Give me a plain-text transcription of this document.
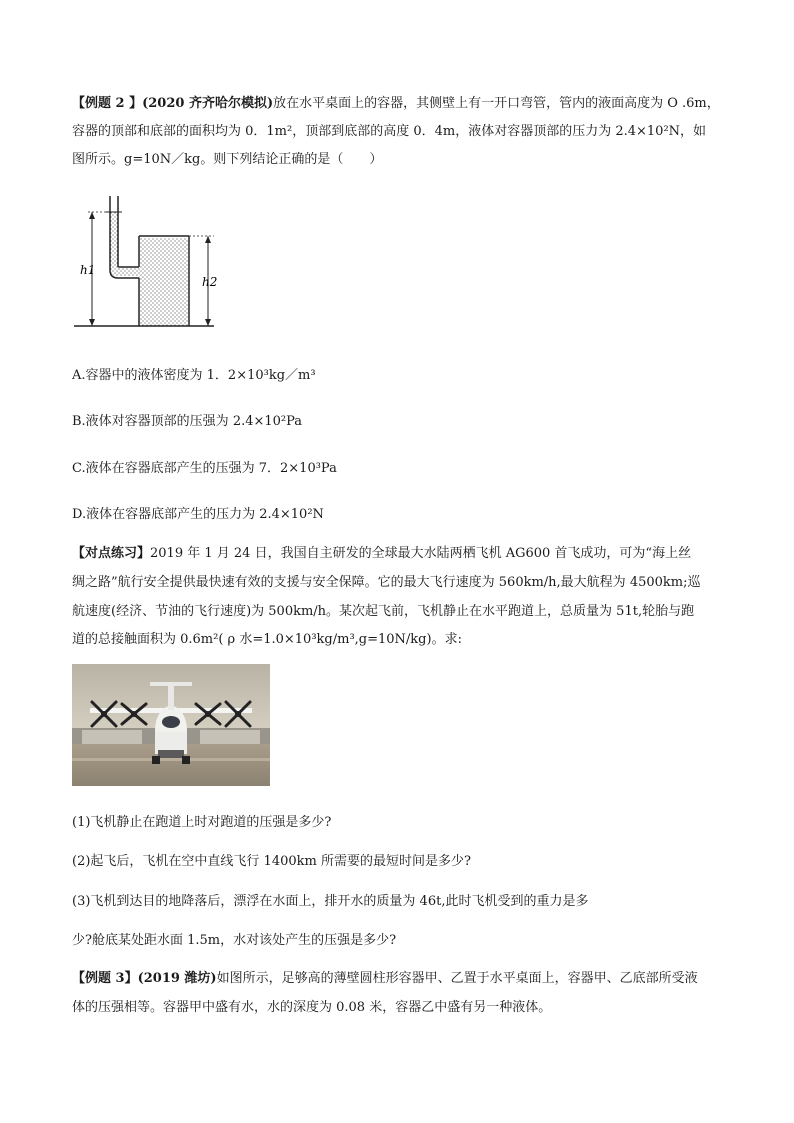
【例题 2 】(2020 齐齐哈尔模拟)放在水平桌面上的容器，其侧壁上有一开口弯管，管内的液面高度为 O .6m，
容器的顶部和底部的面积均为 0．1m²，顶部到底部的高度 0．4m，液体对容器顶部的压力为 2.4×10²N，如
图所示。g=10N／kg。则下列结论正确的是（　　）
h1
h2
A.容器中的液体密度为 1．2×10³kg／m³
B.液体对容器顶部的压强为 2.4×10²Pa
C.液体在容器底部产生的压强为 7．2×10³Pa
D.液体在容器底部产生的压力为 2.4×10²N
【对点练习】2019 年 1 月 24 日，我国自主研发的全球最大水陆两栖飞机 AG600 首飞成功，可为“海上丝
绸之路”航行安全提供最快速有效的支援与安全保障。它的最大飞行速度为 560km/h,最大航程为 4500km;巡
航速度(经济、节油的飞行速度)为 500km/h。某次起飞前，飞机静止在水平跑道上，总质量为 51t,轮胎与跑
道的总接触面积为 0.6m²( ρ 水=1.0×10³kg/m³,g=10N/kg)。求:
(1)飞机静止在跑道上时对跑道的压强是多少?
(2)起飞后，飞机在空中直线飞行 1400km 所需要的最短时间是多少?
(3)飞机到达目的地降落后，漂浮在水面上，排开水的质量为 46t,此时飞机受到的重力是多
少?舱底某处距水面 1.5m，水对该处产生的压强是多少?
【例题 3】(2019 潍坊)如图所示，足够高的薄壁圆柱形容器甲、乙置于水平桌面上，容器甲、乙底部所受液
体的压强相等。容器甲中盛有水，水的深度为 0.08 米，容器乙中盛有另一种液体。
